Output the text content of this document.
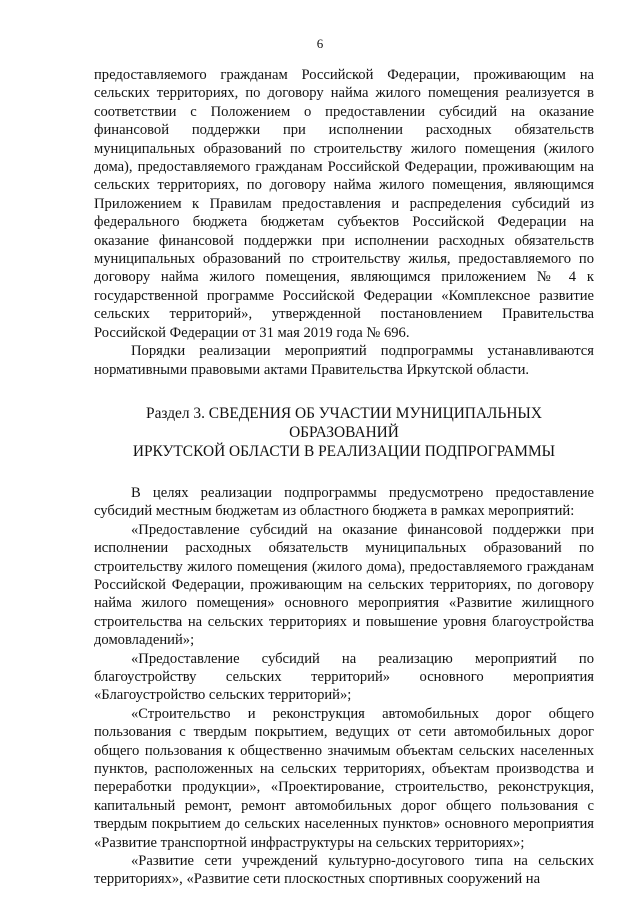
6

предоставляемого гражданам Российской Федерации, проживающим на сельских территориях, по договору найма жилого помещения реализуется в соответствии с Положением о предоставлении субсидий на оказание финансовой поддержки при исполнении расходных обязательств муниципальных образований по строительству жилого помещения (жилого дома), предоставляемого гражданам Российской Федерации, проживающим на сельских территориях, по договору найма жилого помещения, являющимся Приложением к Правилам предоставления и распределения субсидий из федерального бюджета бюджетам субъектов Российской Федерации на оказание финансовой поддержки при исполнении расходных обязательств муниципальных образований по строительству жилья, предоставляемого по договору найма жилого помещения, являющимся приложением № 4 к государственной программе Российской Федерации «Комплексное развитие сельских территорий», утвержденной постановлением Правительства Российской Федерации от 31 мая 2019 года № 696.

Порядки реализации мероприятий подпрограммы устанавливаются нормативными правовыми актами Правительства Иркутской области.

Раздел 3. СВЕДЕНИЯ ОБ УЧАСТИИ МУНИЦИПАЛЬНЫХ ОБРАЗОВАНИЙ
ИРКУТСКОЙ ОБЛАСТИ В РЕАЛИЗАЦИИ ПОДПРОГРАММЫ

В целях реализации подпрограммы предусмотрено предоставление субсидий местным бюджетам из областного бюджета в рамках мероприятий:

«Предоставление субсидий на оказание финансовой поддержки при исполнении расходных обязательств муниципальных образований по строительству жилого помещения (жилого дома), предоставляемого гражданам Российской Федерации, проживающим на сельских территориях, по договору найма жилого помещения» основного мероприятия «Развитие жилищного строительства на сельских территориях и повышение уровня благоустройства домовладений»;

«Предоставление субсидий на реализацию мероприятий по благоустройству сельских территорий» основного мероприятия «Благоустройство сельских территорий»;

«Строительство и реконструкция автомобильных дорог общего пользования с твердым покрытием, ведущих от сети автомобильных дорог общего пользования к общественно значимым объектам сельских населенных пунктов, расположенных на сельских территориях, объектам производства и переработки продукции», «Проектирование, строительство, реконструкция, капитальный ремонт, ремонт автомобильных дорог общего пользования с твердым покрытием до сельских населенных пунктов» основного мероприятия «Развитие транспортной инфраструктуры на сельских территориях»;

«Развитие сети учреждений культурно-досугового типа на сельских территориях», «Развитие сети плоскостных спортивных сооружений на
